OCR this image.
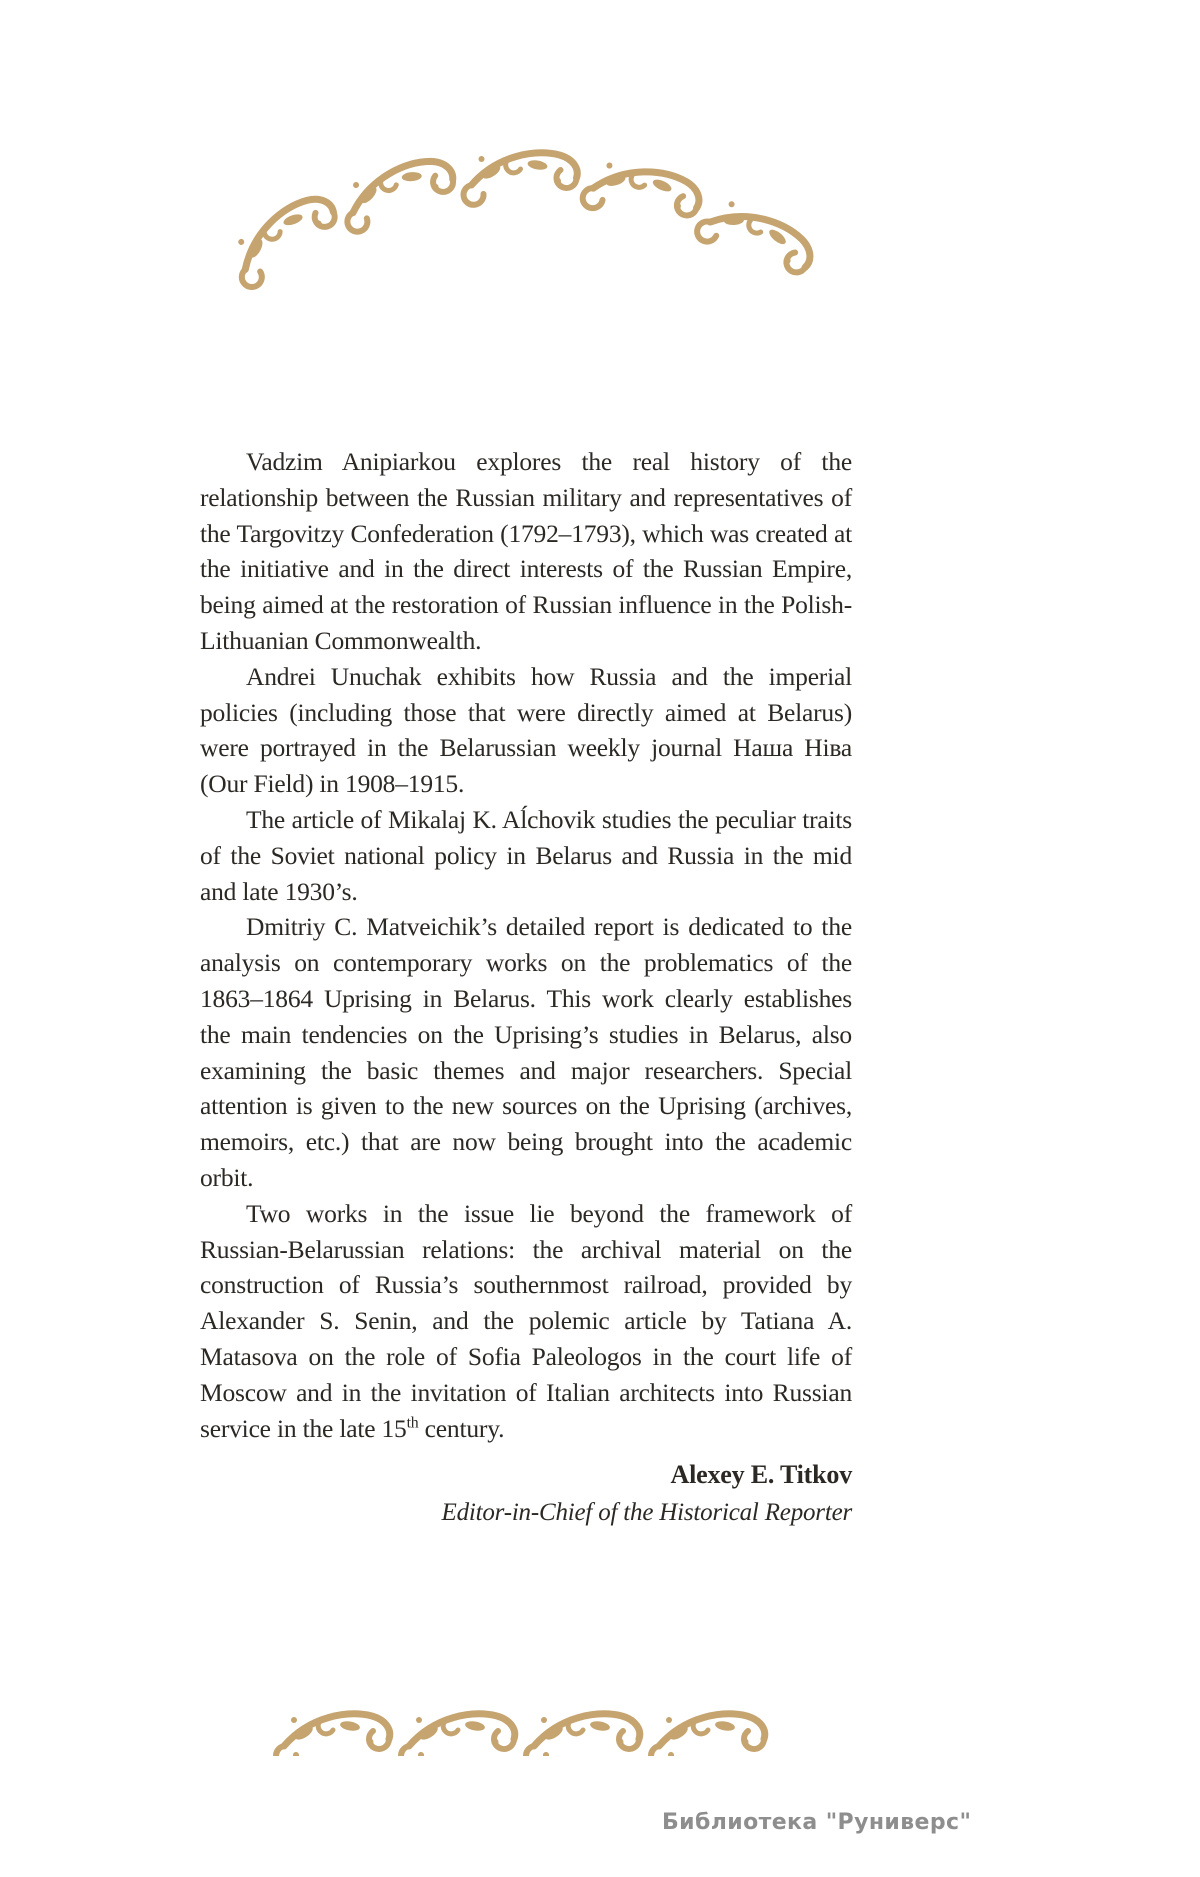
Vadzim Anipiarkou explores the real history of the relationship between the Russian military and representatives of the Targovitzy Confederation (1792–1793), which was created at the initiative and in the direct interests of the Russian Empire, being aimed at the restoration of Russian influence in the Polish-Lithuanian Commonwealth.

Andrei Unuchak exhibits how Russia and the imperial policies (including those that were directly aimed at Belarus) were portrayed in the Belarussian weekly journal Наша Ніва (Our Field) in 1908–1915.

The article of Mikalaj K. Aĺchovik studies the peculiar traits of the Soviet national policy in Belarus and Russia in the mid and late 1930’s.

Dmitriy C. Matveichik’s detailed report is dedicated to the analysis on contemporary works on the problematics of the 1863–1864 Uprising in Belarus. This work clearly establishes the main tendencies on the Uprising’s studies in Belarus, also examining the basic themes and major researchers. Special attention is given to the new sources on the Uprising (archives, memoirs, etc.) that are now being brought into the academic orbit.

Two works in the issue lie beyond the framework of Russian-Belarussian relations: the archival material on the construction of Russia’s southernmost railroad, provided by Alexander S. Senin, and the polemic article by Tatiana A. Matasova on the role of Sofia Paleologos in the court life of Moscow and in the invitation of Italian architects into Russian service in the late 15th century.

Alexey E. Titkov
Editor-in-Chief of the Historical Reporter
Библиотека "Руниверс"
